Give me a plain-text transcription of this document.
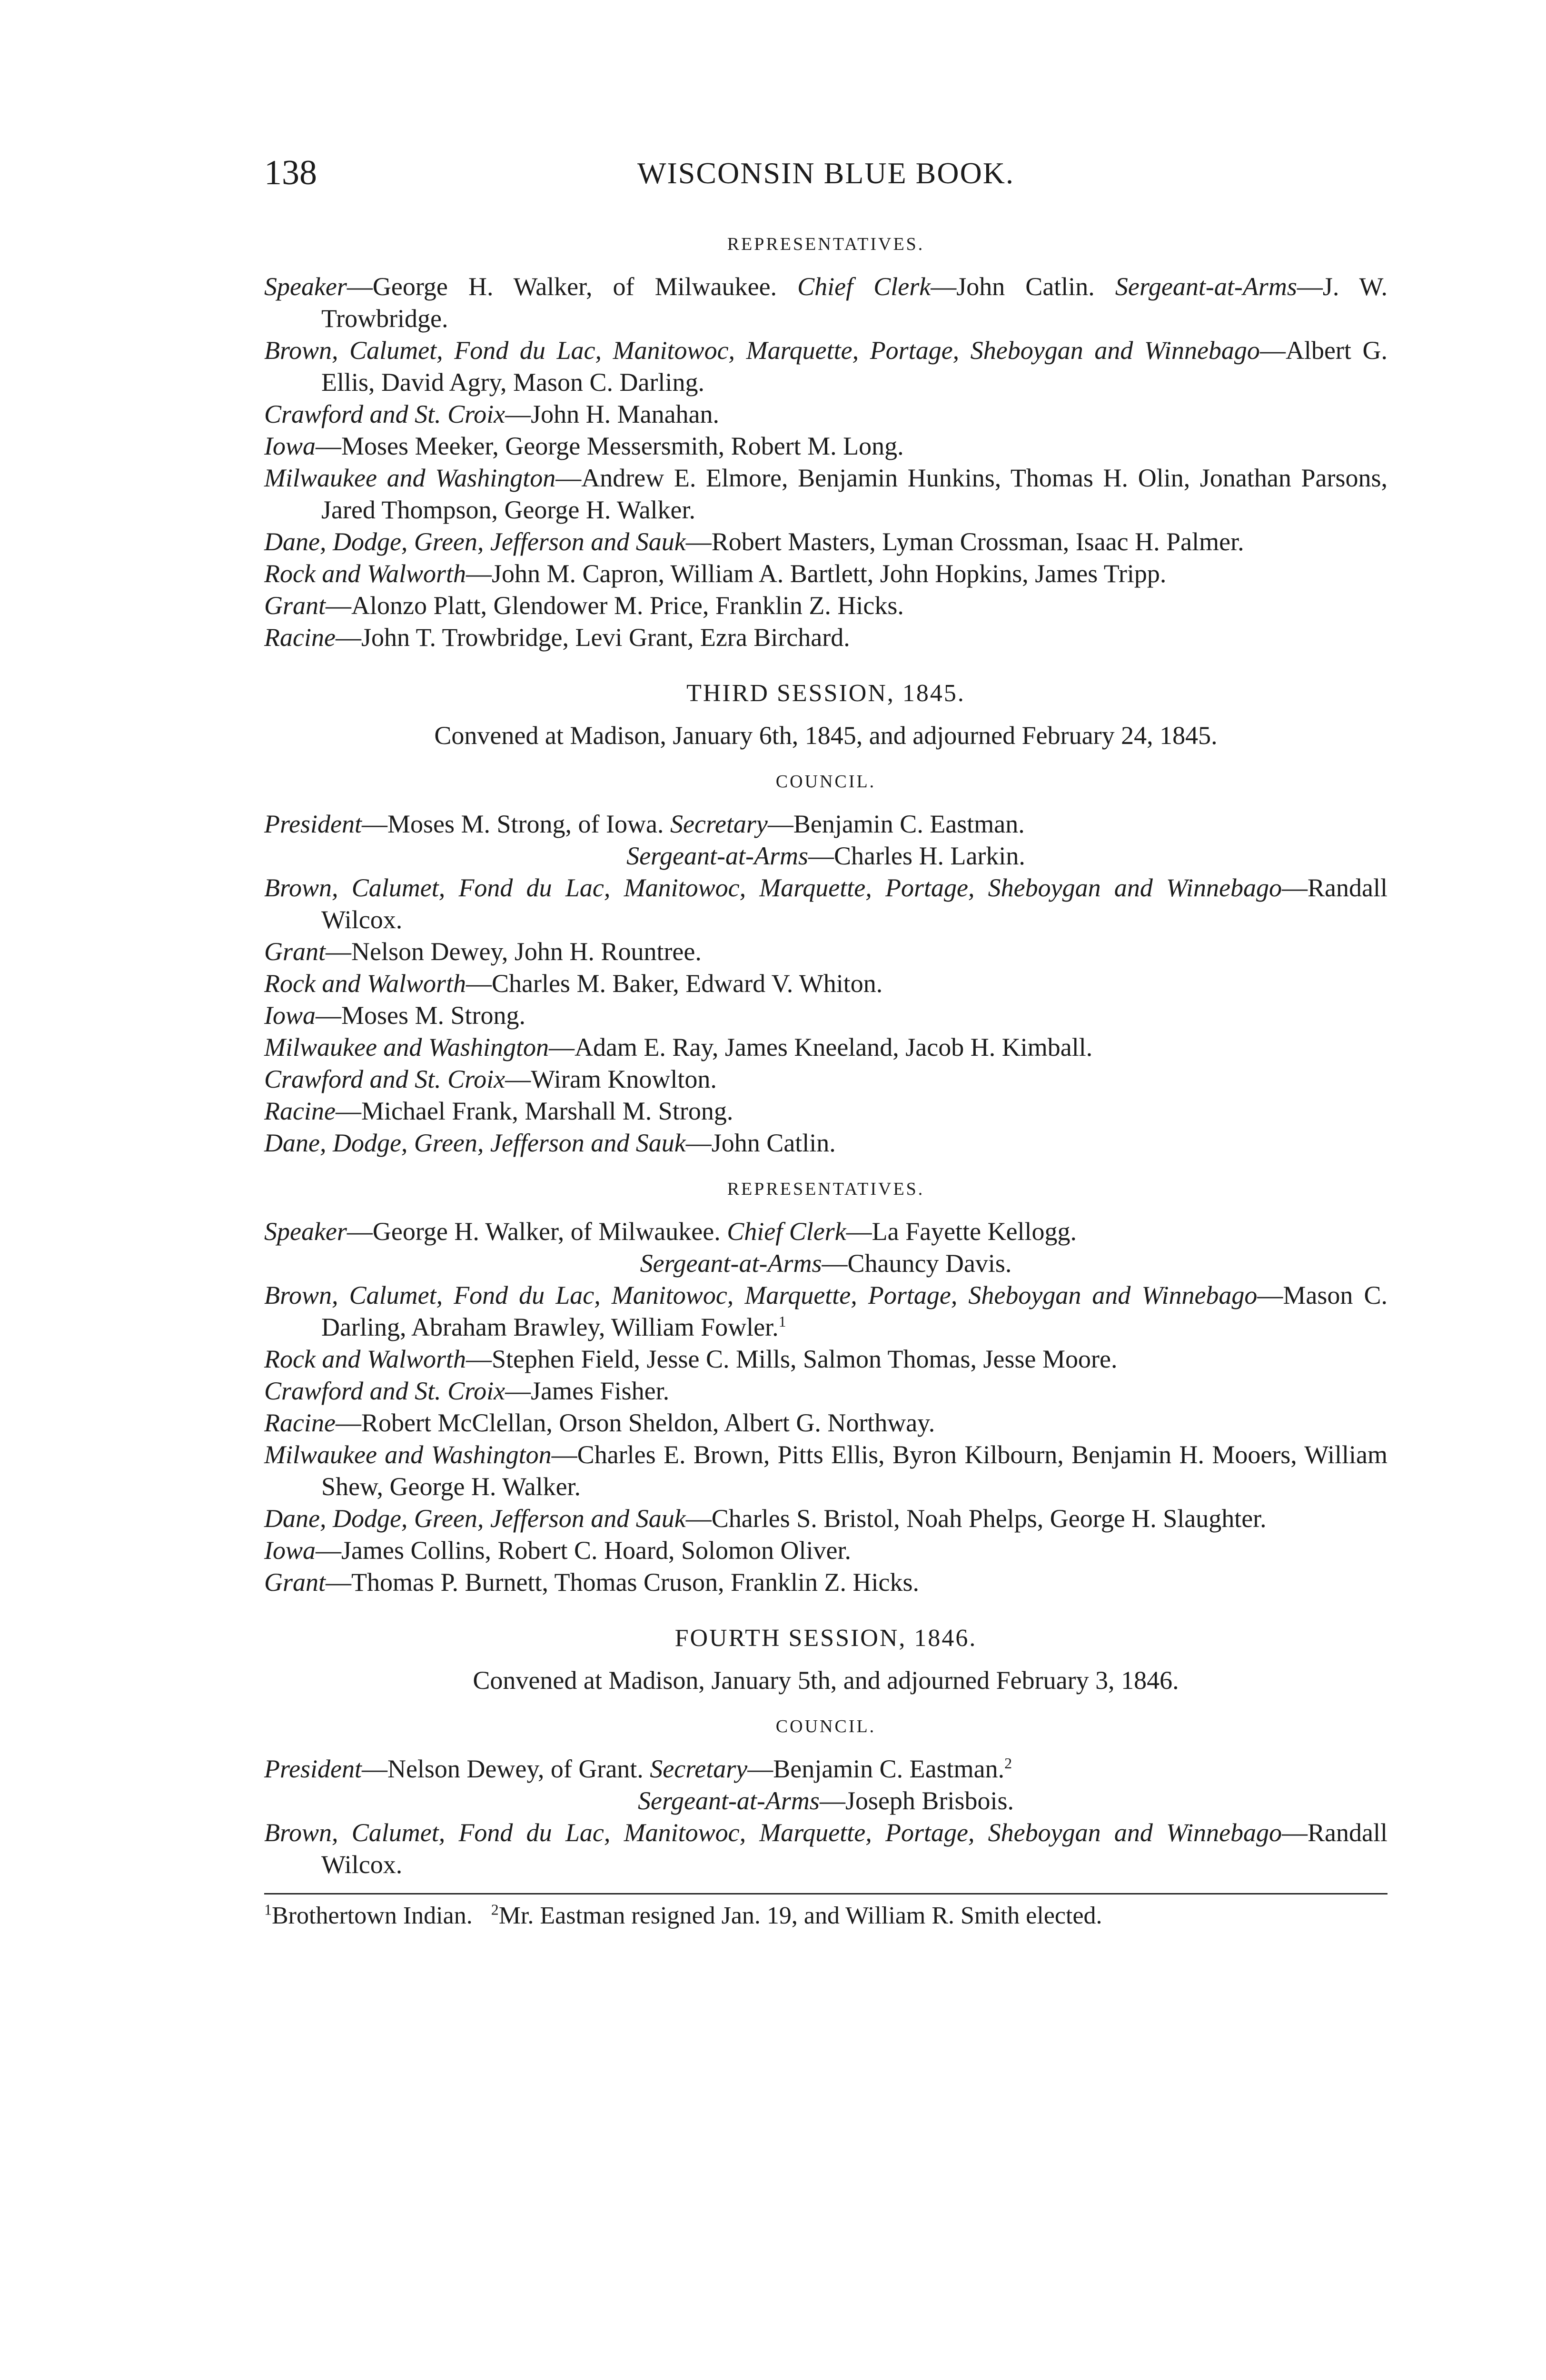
138	WISCONSIN BLUE BOOK.
REPRESENTATIVES.

Speaker—George H. Walker, of Milwaukee. Chief Clerk—John Catlin. Sergeant-at-Arms—J. W. Trowbridge.

Brown, Calumet, Fond du Lac, Manitowoc, Marquette, Portage, Sheboygan and Winnebago—Albert G. Ellis, David Agry, Mason C. Darling.

Crawford and St. Croix—John H. Manahan.

Iowa—Moses Meeker, George Messersmith, Robert M. Long.

Milwaukee and Washington—Andrew E. Elmore, Benjamin Hunkins, Thomas H. Olin, Jonathan Parsons, Jared Thompson, George H. Walker.

Dane, Dodge, Green, Jefferson and Sauk—Robert Masters, Lyman Crossman, Isaac H. Palmer.

Rock and Walworth—John M. Capron, William A. Bartlett, John Hopkins, James Tripp.

Grant—Alonzo Platt, Glendower M. Price, Franklin Z. Hicks.

Racine—John T. Trowbridge, Levi Grant, Ezra Birchard.

THIRD SESSION, 1845.
Convened at Madison, January 6th, 1845, and adjourned February 24, 1845.
COUNCIL.

President—Moses M. Strong, of Iowa. Secretary—Benjamin C. Eastman.

Sergeant-at-Arms—Charles H. Larkin.

Brown, Calumet, Fond du Lac, Manitowoc, Marquette, Portage, Sheboygan and Winnebago—Randall Wilcox.

Grant—Nelson Dewey, John H. Rountree.

Rock and Walworth—Charles M. Baker, Edward V. Whiton.

Iowa—Moses M. Strong.

Milwaukee and Washington—Adam E. Ray, James Kneeland, Jacob H. Kimball.

Crawford and St. Croix—Wiram Knowlton.

Racine—Michael Frank, Marshall M. Strong.

Dane, Dodge, Green, Jefferson and Sauk—John Catlin.

REPRESENTATIVES.

Speaker—George H. Walker, of Milwaukee. Chief Clerk—La Fayette Kellogg.

Sergeant-at-Arms—Chauncy Davis.

Brown, Calumet, Fond du Lac, Manitowoc, Marquette, Portage, Sheboygan and Winnebago—Mason C. Darling, Abraham Brawley, William Fowler.$^1$

Rock and Walworth—Stephen Field, Jesse C. Mills, Salmon Thomas, Jesse Moore.

Crawford and St. Croix—James Fisher.

Racine—Robert McClellan, Orson Sheldon, Albert G. Northway.

Milwaukee and Washington—Charles E. Brown, Pitts Ellis, Byron Kilbourn, Benjamin H. Mooers, William Shew, George H. Walker.

Dane, Dodge, Green, Jefferson and Sauk—Charles S. Bristol, Noah Phelps, George H. Slaughter.

Iowa—James Collins, Robert C. Hoard, Solomon Oliver.

Grant—Thomas P. Burnett, Thomas Cruson, Franklin Z. Hicks.

FOURTH SESSION, 1846.
Convened at Madison, January 5th, and adjourned February 3, 1846.
COUNCIL.

President—Nelson Dewey, of Grant. Secretary—Benjamin C. Eastman.$^2$

Sergeant-at-Arms—Joseph Brisbois.

Brown, Calumet, Fond du Lac, Manitowoc, Marquette, Portage, Sheboygan and Winnebago—Randall Wilcox.

$^1$Brothertown Indian. $^2$Mr. Eastman resigned Jan. 19, and William R. Smith elected.
